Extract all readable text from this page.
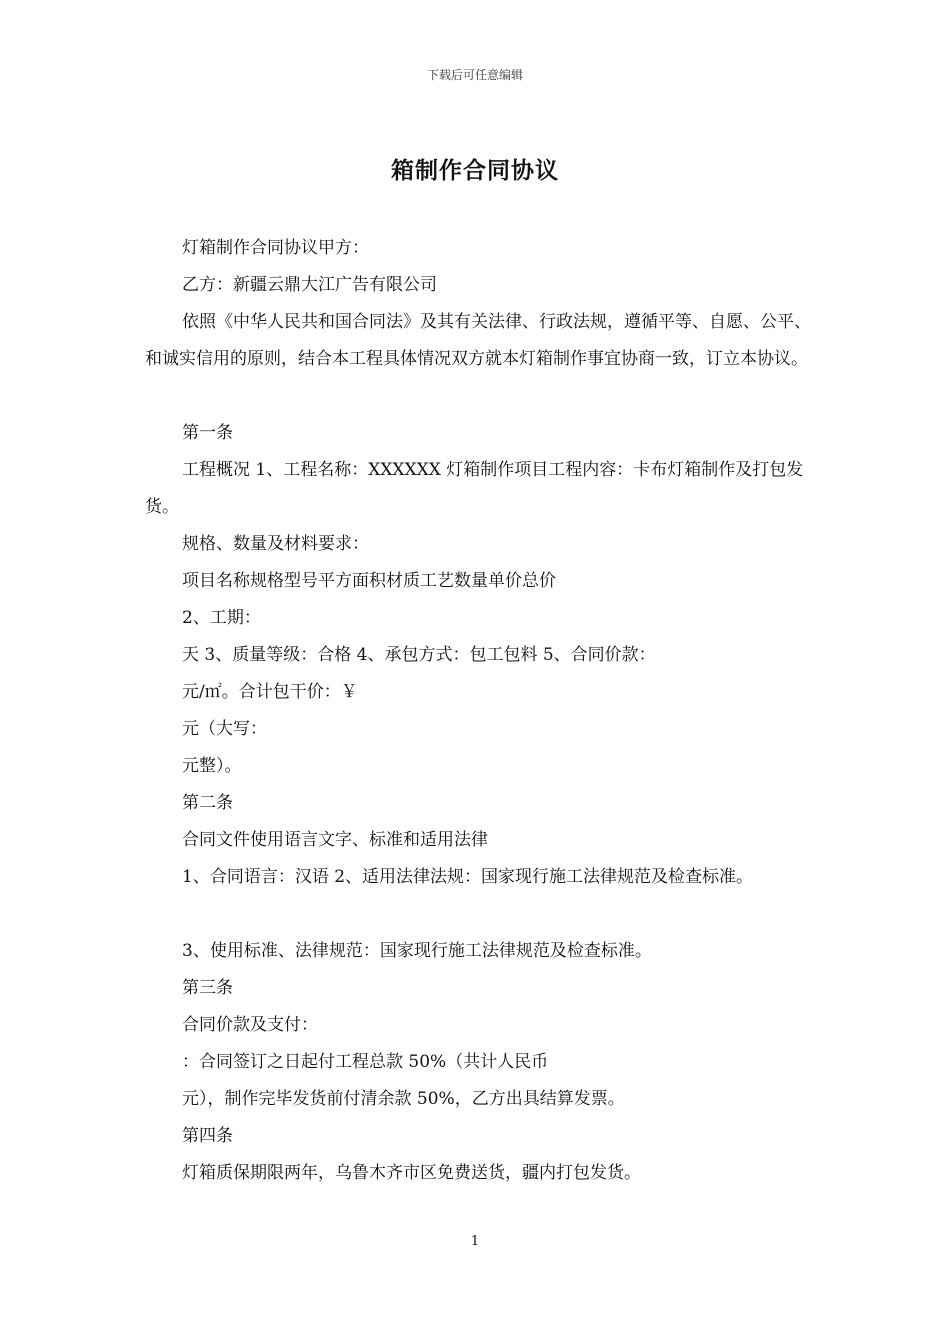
下载后可任意编辑
箱制作合同协议
灯箱制作合同协议甲方：
乙方：新疆云鼎大江广告有限公司
依照《中华人民共和国合同法》及其有关法律、行政法规，遵循平等、自愿、公平、和诚实信用的原则，结合本工程具体情况双方就本灯箱制作事宜协商一致，订立本协议。
第一条
工程概况 1、工程名称：XXXXXX 灯箱制作项目工程内容：卡布灯箱制作及打包发货。
规格、数量及材料要求：
项目名称规格型号平方面积材质工艺数量单价总价
2、工期：
天 3、质量等级：合格 4、承包方式：包工包料 5、合同价款：
元/㎡。合计包干价：￥
元（大写：
元整）。
第二条
合同文件使用语言文字、标准和适用法律
1、合同语言：汉语 2、适用法律法规：国家现行施工法律规范及检查标准。
3、使用标准、法律规范：国家现行施工法律规范及检查标准。
第三条
合同价款及支付：
：合同签订之日起付工程总款 50%（共计人民币
元），制作完毕发货前付清余款 50%，乙方出具结算发票。
第四条
灯箱质保期限两年，乌鲁木齐市区免费送货，疆内打包发货。
1
